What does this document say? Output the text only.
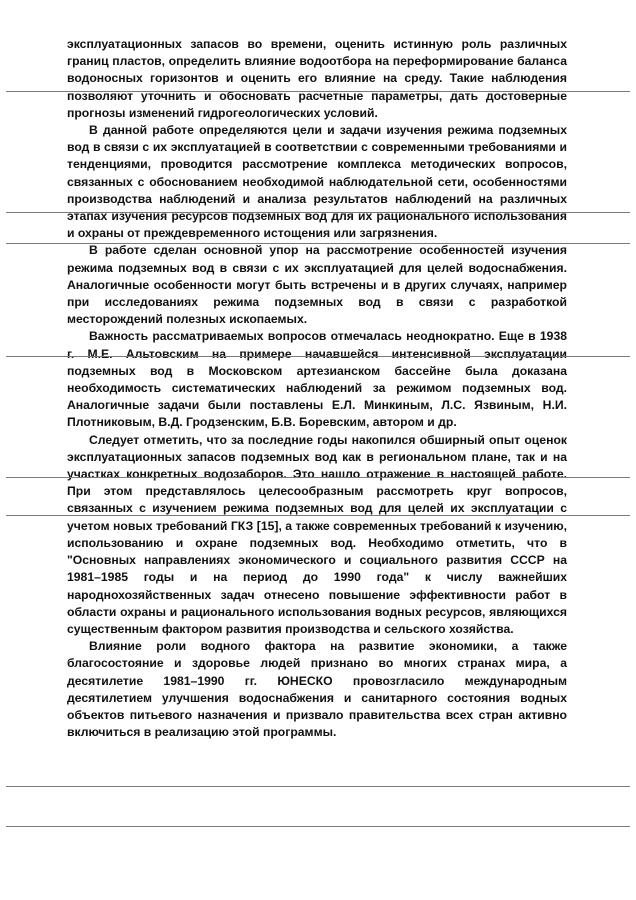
эксплуатационных запасов во времени, оценить истинную роль различных границ пластов, определить влияние водоотбора на переформирование баланса водоносных горизонтов и оценить его влияние на среду. Такие наблюдения позволяют уточнить и обосновать расчетные параметры, дать достоверные прогнозы изменений гидрогеологических условий.

В данной работе определяются цели и задачи изучения режима подземных вод в связи с их эксплуатацией в соответствии с современными требованиями и тенденциями, проводится рассмотрение комплекса методических вопросов, связанных с обоснованием необходимой наблюдательной сети, особенностями производства наблюдений и анализа результатов наблюдений на различных этапах изучения ресурсов подземных вод для их рационального использования и охраны от преждевременного истощения или загрязнения.

В работе сделан основной упор на рассмотрение особенностей изучения режима подземных вод в связи с их эксплуатацией для целей водоснабжения. Аналогичные особенности могут быть встречены и в других случаях, например при исследованиях режима подземных вод в связи с разработкой месторождений полезных ископаемых.

Важность рассматриваемых вопросов отмечалась неоднократно. Еще в 1938 г. М.Е. Альтовским на примере начавшейся интенсивной эксплуатации подземных вод в Московском артезианском бассейне была доказана необходимость систематических наблюдений за режимом подземных вод. Аналогичные задачи были поставлены Е.Л. Минкиным, Л.С. Язвиным, Н.И. Плотниковым, В.Д. Гродзенским, Б.В. Боревским, автором и др.

Следует отметить, что за последние годы накопился обширный опыт оценок эксплуатационных запасов подземных вод как в региональном плане, так и на участках конкретных водозаборов. Это нашло отражение в настоящей работе. При этом представлялось целесообразным рассмотреть круг вопросов, связанных с изучением режима подземных вод для целей их эксплуатации с учетом новых требований ГКЗ [15], а также современных требований к изучению, использованию и охране подземных вод. Необходимо отметить, что в "Основных направлениях экономического и социального развития СССР на 1981–1985 годы и на период до 1990 года" к числу важнейших народнохозяйственных задач отнесено повышение эффективности работ в области охраны и рационального использования водных ресурсов, являющихся существенным фактором развития производства и сельского хозяйства.

Влияние роли водного фактора на развитие экономики, а также благосостояние и здоровье людей признано во многих странах мира, а десятилетие 1981–1990 гг. ЮНЕСКО провозгласило международным десятилетием улучшения водоснабжения и санитарного состояния водных объектов питьевого назначения и призвало правительства всех стран активно включиться в реализацию этой программы.
